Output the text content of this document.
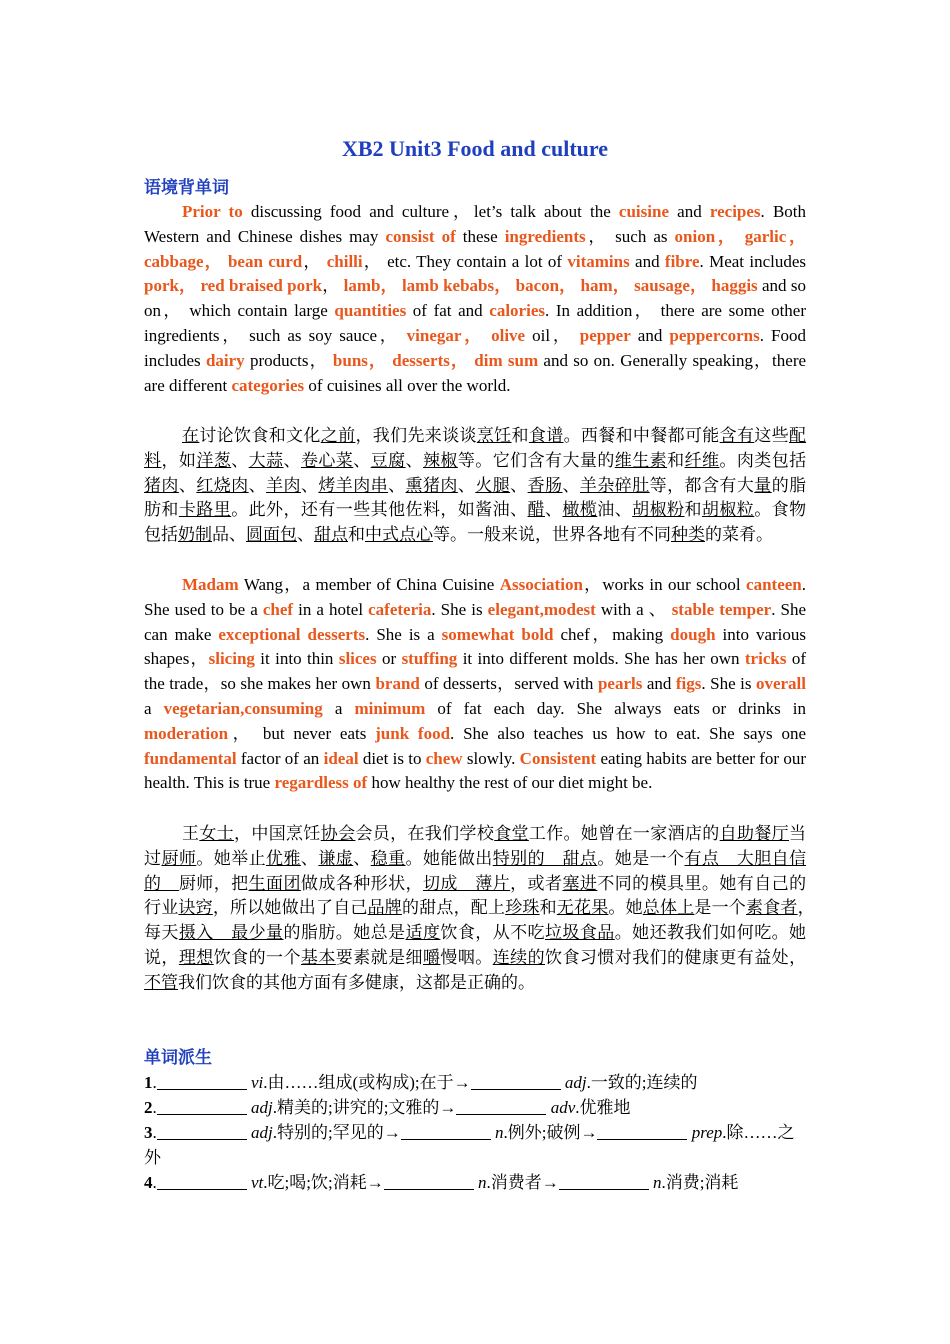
XB2 Unit3 Food and culture
语境背单词
Prior to discussing food and culture，let’s talk about the cuisine and recipes. Both Western and Chinese dishes may consist of these ingredients， such as onion， garlic， cabbage， bean curd， chilli， etc. They contain a lot of vitamins and fibre. Meat includes pork， red braised pork， lamb， lamb kebabs， bacon， ham， sausage， haggis and so on， which contain large quantities of fat and calories. In addition， there are some other ingredients， such as soy sauce， vinegar， olive oil， pepper and peppercorns. Food includes dairy products， buns， desserts， dim sum and so on. Generally speaking，there are different categories of cuisines all over the world.
在讨论饮食和文化之前，我们先来谈谈烹饪和食谱。西餐和中餐都可能含有这些配料，如洋葱、大蒜、卷心菜、豆腐、辣椒等。它们含有大量的维生素和纤维。肉类包括猪肉、红烧肉、羊肉、烤羊肉串、熏猪肉、火腿、香肠、羊杂碎肚等，都含有大量的脂肪和卡路里。此外，还有一些其他佐料，如酱油、醋、橄榄油、胡椒粉和胡椒粒。食物包括奶制品、圆面包、甜点和中式点心等。一般来说，世界各地有不同种类的菜肴。
Madam Wang，a member of China Cuisine Association，works in our school canteen. She used to be a chef in a hotel cafeteria. She is elegant,modest with a 、 stable temper. She can make exceptional desserts. She is a somewhat bold chef，making dough into various shapes，slicing it into thin slices or stuffing it into different molds. She has her own tricks of the trade，so she makes her own brand of desserts，served with pearls and figs. She is overall a vegetarian,consuming a minimum of fat each day. She always eats or drinks in moderation， but never eats junk food. She also teaches us how to eat. She says one fundamental factor of an ideal diet is to chew slowly. Consistent eating habits are better for our health. This is true regardless of how healthy the rest of our diet might be.
王女士，中国烹饪协会会员，在我们学校食堂工作。她曾在一家酒店的自助餐厅当过厨师。她举止优雅、谦虚、稳重。她能做出特别的　甜点。她是一个有点　大胆自信的　厨师，把生面团做成各种形状，切成　薄片，或者塞进不同的模具里。她有自己的行业诀窍，所以她做出了自己品牌的甜点，配上珍珠和无花果。她总体上是一个素食者，　每天摄入　最少量的脂肪。她总是适度饮食，从不吃垃圾食品。她还教我们如何吃。她说，理想饮食的一个基本要素就是细嚼慢咽。连续的饮食习惯对我们的健康更有益处，不管我们饮食的其他方面有多健康，这都是正确的。
单词派生
1.	vi.由……组成(或构成);在于→	adj.一致的;连续的
2.	adj.精美的;讲究的;文雅的→	adv.优雅地
3.	adj.特别的;罕见的→	n.例外;破例→	prep.除……之外
4.	vt.吃;喝;饮;消耗→	n.消费者→	n.消费;消耗
